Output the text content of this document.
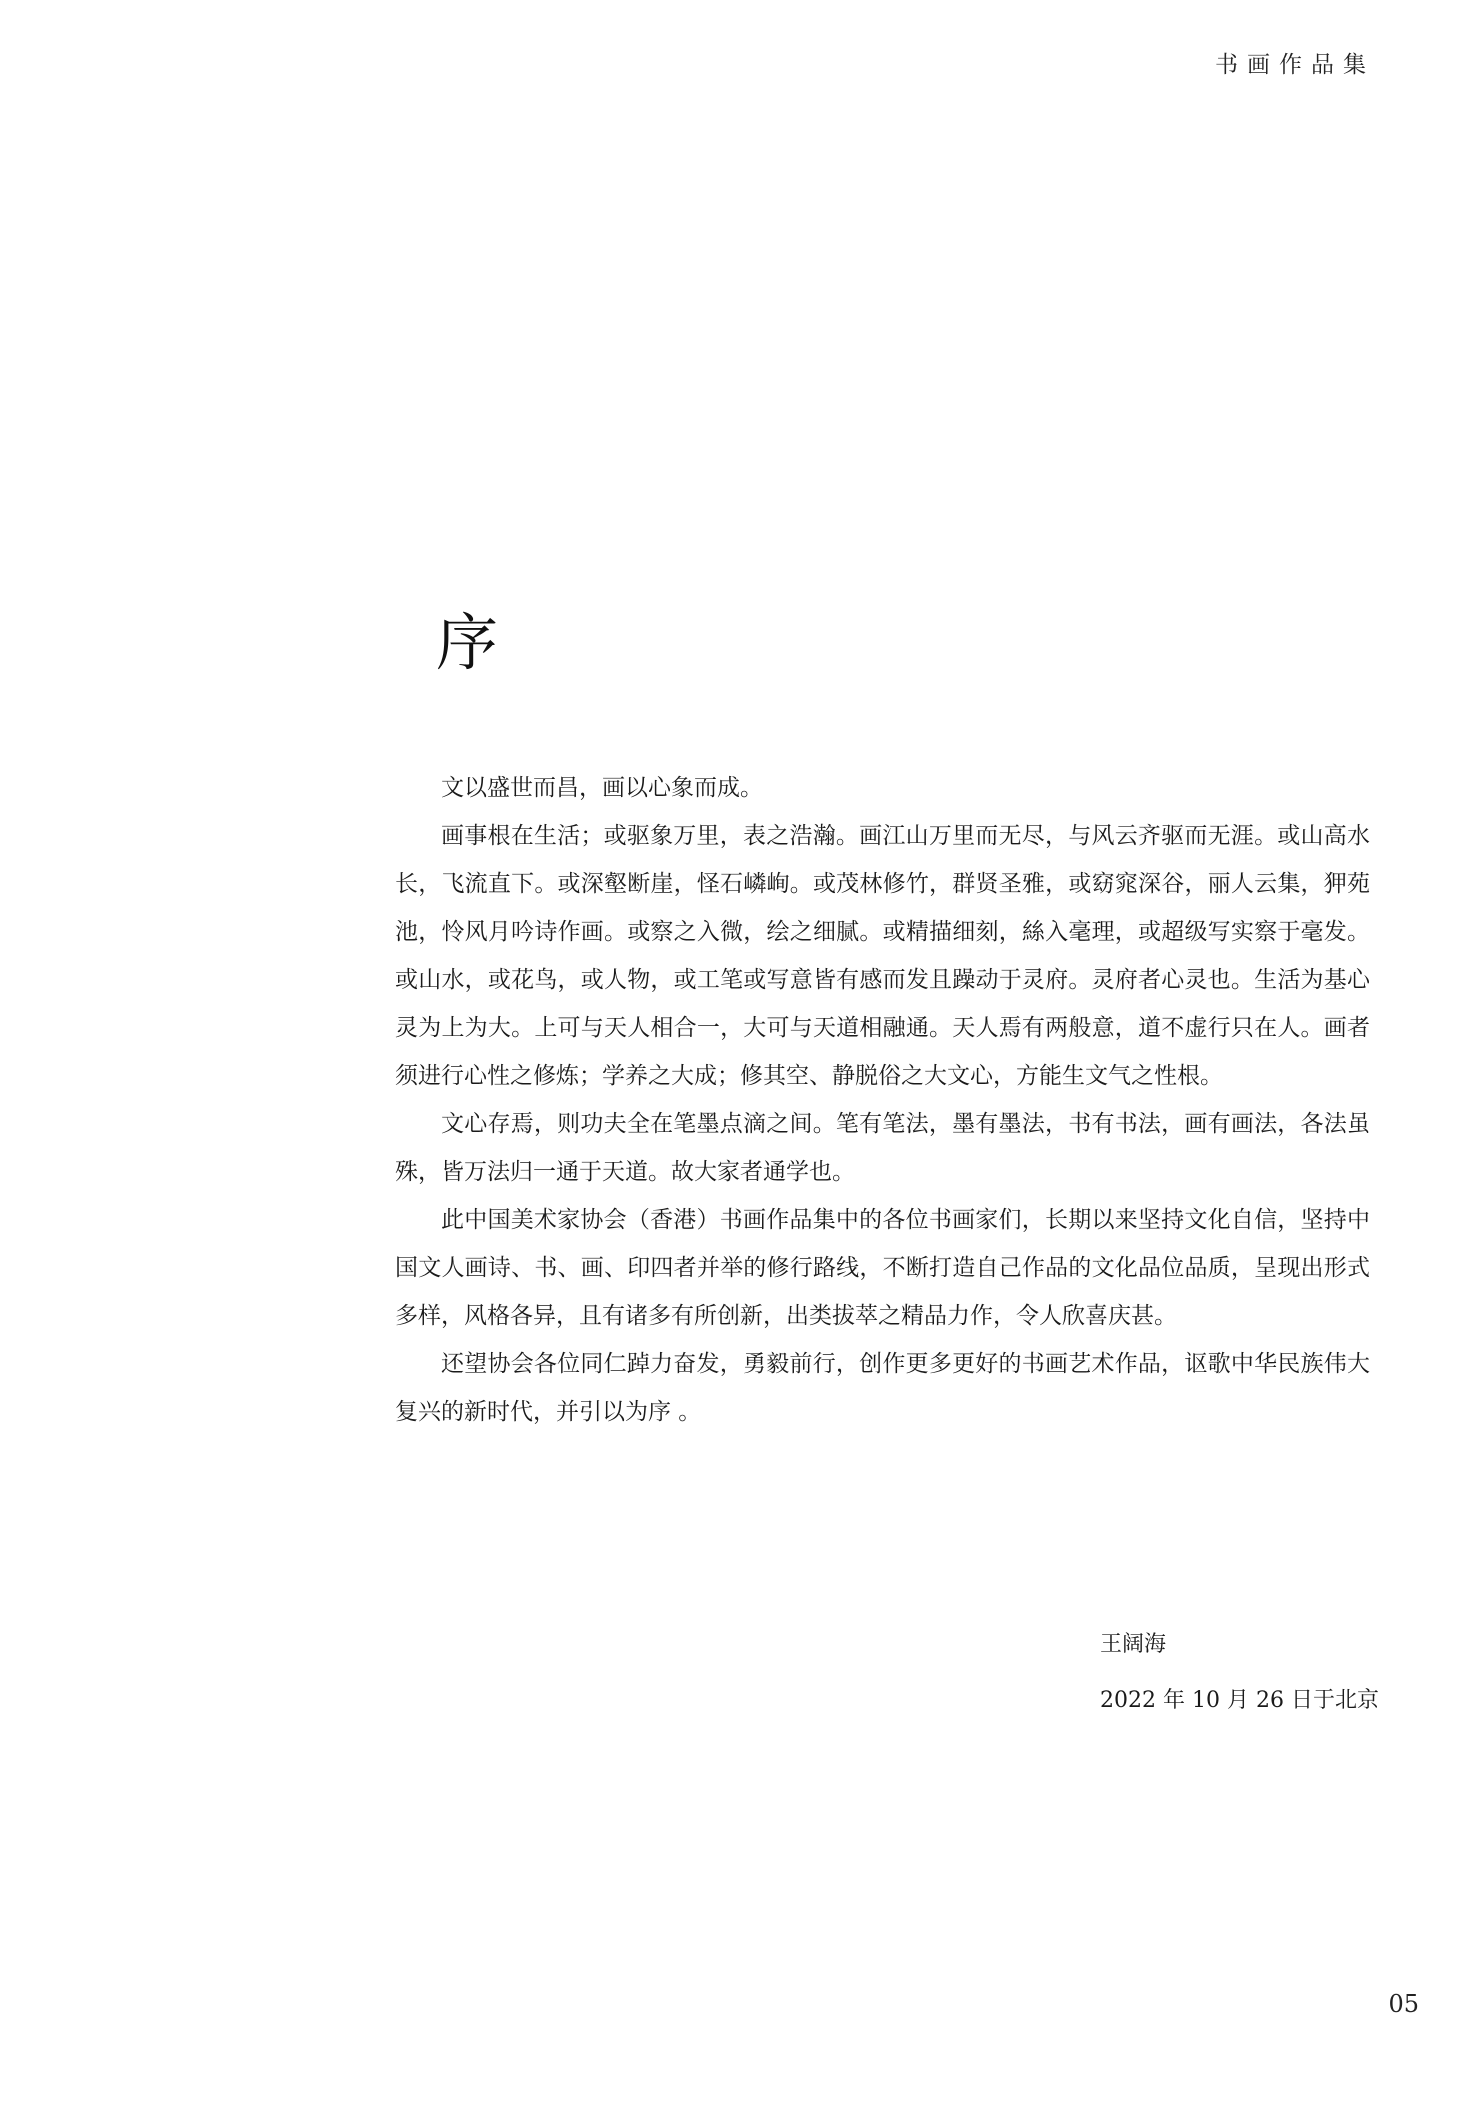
书画作品集
序

文以盛世而昌，画以心象而成。

画事根在生活；或驱象万里，表之浩瀚。画江山万里而无尽，与风云齐驱而无涯。或山高水长，飞流直下。或深壑断崖，怪石嶙峋。或茂林修竹，群贤圣雅，或窈窕深谷，丽人云集，狎苑池，怜风月吟诗作画。或察之入微，绘之细腻。或精描细刻，絲入毫理，或超级写实察于毫发。或山水，或花鸟，或人物，或工笔或写意皆有感而发且躁动于灵府。灵府者心灵也。生活为基心灵为上为大。上可与天人相合一，大可与天道相融通。天人焉有两般意，道不虚行只在人。画者须进行心性之修炼；学养之大成；修其空、静脱俗之大文心，方能生文气之性根。

文心存焉，则功夫全在笔墨点滴之间。笔有笔法，墨有墨法，书有书法，画有画法，各法虽殊，皆万法归一通于天道。故大家者通学也。

此中国美术家协会（香港）书画作品集中的各位书画家们，长期以来坚持文化自信，坚持中国文人画诗、书、画、印四者并举的修行路线，不断打造自己作品的文化品位品质，呈现出形式多样，风格各异，且有诸多有所创新，出类拔萃之精品力作，令人欣喜庆甚。

还望协会各位同仁踔力奋发，勇毅前行，创作更多更好的书画艺术作品，讴歌中华民族伟大复兴的新时代，并引以为序 。

王阔海
2022 年 10 月 26 日于北京
05
